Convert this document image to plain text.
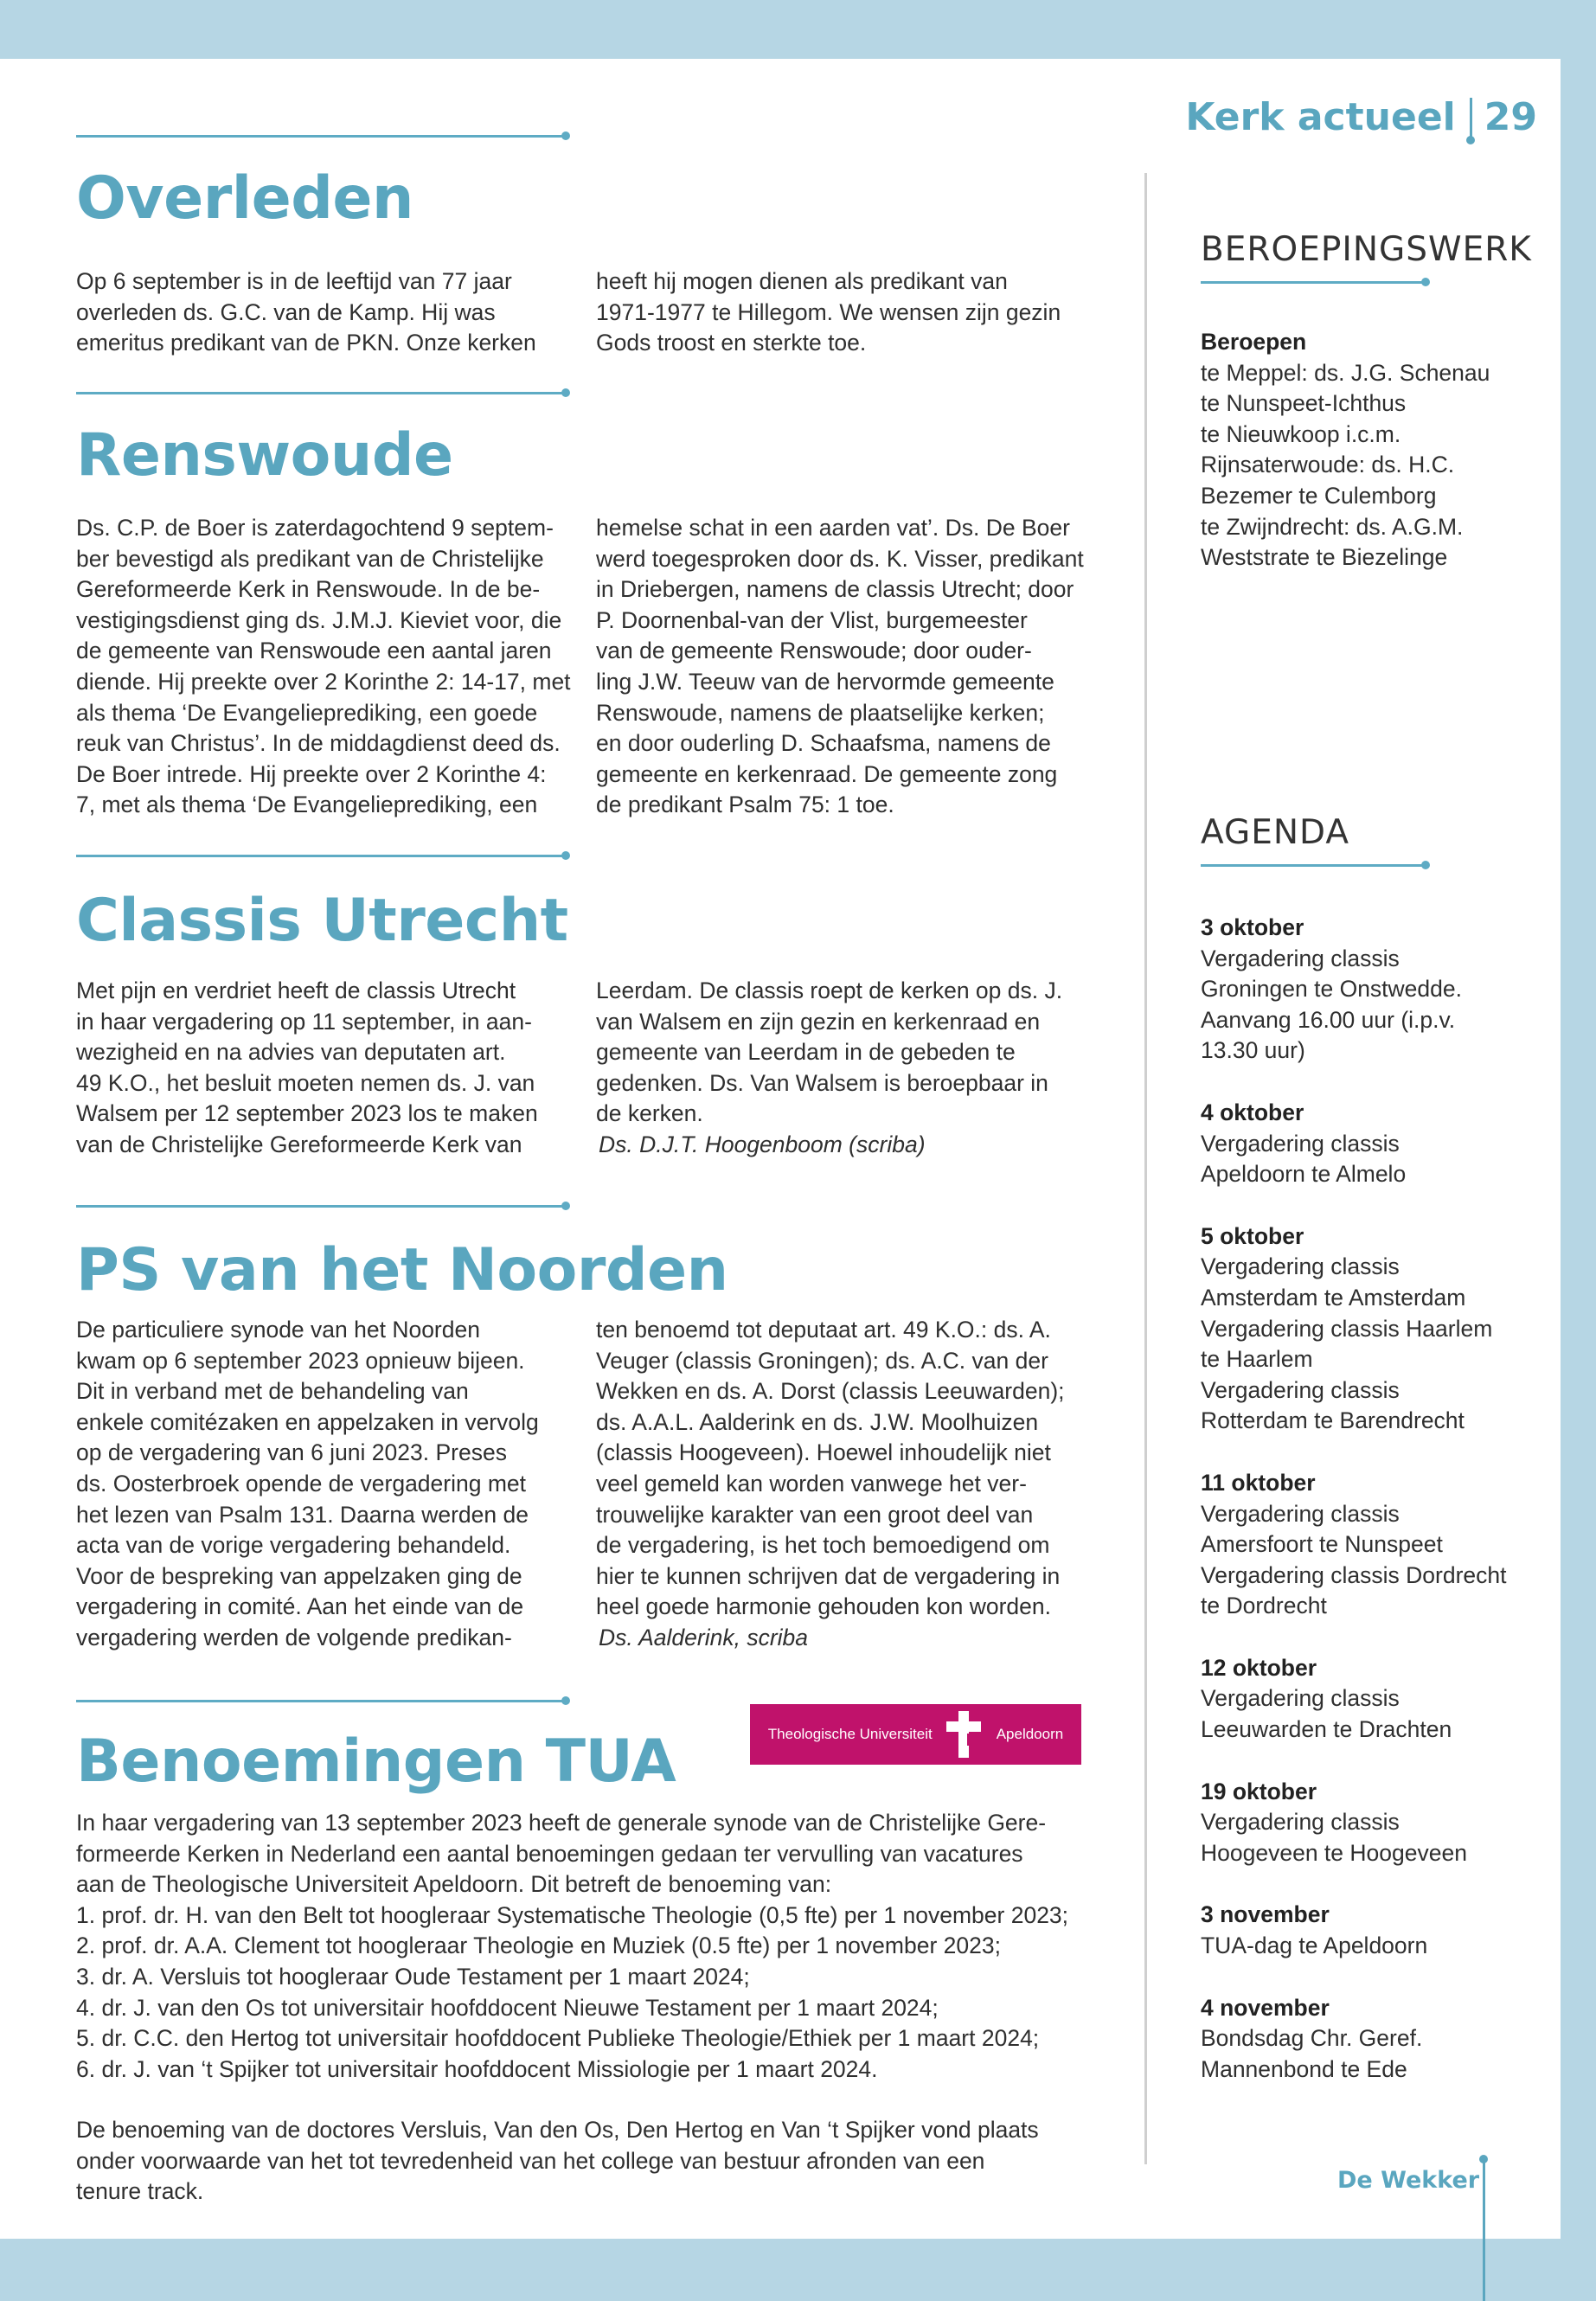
Kerk actueel 29
Overleden

Op 6 september is in de leeftijd van 77 jaar
overleden ds. G.C. van de Kamp. Hij was
emeritus predikant van de PKN. Onze kerken

heeft hij mogen dienen als predikant van
1971-1977 te Hillegom. We wensen zijn gezin
Gods troost en sterkte toe.

Renswoude

Ds. C.P. de Boer is zaterdagochtend 9 septem-
ber bevestigd als predikant van de Christelijke
Gereformeerde Kerk in Renswoude. In de be-
vestigingsdienst ging ds. J.M.J. Kieviet voor, die
de gemeente van Renswoude een aantal jaren
diende. Hij preekte over 2 Korinthe 2: 14-17, met
als thema ‘De Evangelieprediking, een goede
reuk van Christus’. In de middagdienst deed ds.
De Boer intrede. Hij preekte over 2 Korinthe 4:
7, met als thema ‘De Evangelieprediking, een

hemelse schat in een aarden vat’. Ds. De Boer
werd toegesproken door ds. K. Visser, predikant
in Driebergen, namens de classis Utrecht; door
P. Doornenbal-van der Vlist, burgemeester
van de gemeente Renswoude; door ouder-
ling J.W. Teeuw van de hervormde gemeente
Renswoude, namens de plaatselijke kerken;
en door ouderling D. Schaafsma, namens de
gemeente en kerkenraad. De gemeente zong
de predikant Psalm 75: 1 toe.

Classis Utrecht

Met pijn en verdriet heeft de classis Utrecht
in haar vergadering op 11 september, in aan-
wezigheid en na advies van deputaten art.
49 K.O., het besluit moeten nemen ds. J. van
Walsem per 12 september 2023 los te maken
van de Christelijke Gereformeerde Kerk van

Leerdam. De classis roept de kerken op ds. J.
van Walsem en zijn gezin en kerkenraad en
gemeente van Leerdam in de gebeden te
gedenken. Ds. Van Walsem is beroepbaar in
de kerken.

Ds. D.J.T. Hoogenboom (scriba)

PS van het Noorden

De particuliere synode van het Noorden
kwam op 6 september 2023 opnieuw bijeen.
Dit in verband met de behandeling van
enkele comitézaken en appelzaken in vervolg
op de vergadering van 6 juni 2023. Preses
ds. Oosterbroek opende de vergadering met
het lezen van Psalm 131. Daarna werden de
acta van de vorige vergadering behandeld.
Voor de bespreking van appelzaken ging de
vergadering in comité. Aan het einde van de
vergadering werden de volgende predikan-

ten benoemd tot deputaat art. 49 K.O.: ds. A.
Veuger (classis Groningen); ds. A.C. van der
Wekken en ds. A. Dorst (classis Leeuwarden);
ds. A.A.L. Aalderink en ds. J.W. Moolhuizen
(classis Hoogeveen). Hoewel inhoudelijk niet
veel gemeld kan worden vanwege het ver-
trouwelijke karakter van een groot deel van
de vergadering, is het toch bemoedigend om
hier te kunnen schrijven dat de vergadering in
heel goede harmonie gehouden kon worden.

Ds. Aalderink, scriba

Benoemingen TUA	Theologische Universiteit	Apeldoorn

In haar vergadering van 13 september 2023 heeft de generale synode van de Christelijke Gere-
formeerde Kerken in Nederland een aantal benoemingen gedaan ter vervulling van vacatures
aan de Theologische Universiteit Apeldoorn. Dit betreft de benoeming van:
1. prof. dr. H. van den Belt tot hoogleraar Systematische Theologie (0,5 fte) per 1 november 2023;
2. prof. dr. A.A. Clement tot hoogleraar Theologie en Muziek (0.5 fte) per 1 november 2023;
3. dr. A. Versluis tot hoogleraar Oude Testament per 1 maart 2024;
4. dr. J. van den Os tot universitair hoofddocent Nieuwe Testament per 1 maart 2024;
5. dr. C.C. den Hertog tot universitair hoofddocent Publieke Theologie/Ethiek per 1 maart 2024;
6. dr. J. van ‘t Spijker tot universitair hoofddocent Missiologie per 1 maart 2024.

De benoeming van de doctores Versluis, Van den Os, Den Hertog en Van ‘t Spijker vond plaats
onder voorwaarde van het tot tevredenheid van het college van bestuur afronden van een
tenure track.

BEROEPINGSWERK
Beroepen
te Meppel: ds. J.G. Schenau
te Nunspeet-Ichthus
te Nieuwkoop i.c.m.
Rijnsaterwoude: ds. H.C.
Bezemer te Culemborg
te Zwijndrecht: ds. A.G.M.
Weststrate te Biezelinge
AGENDA
3 oktober
Vergadering classis
Groningen te Onstwedde.
Aanvang 16.00 uur (i.p.v.
13.30 uur)
4 oktober
Vergadering classis
Apeldoorn te Almelo
5 oktober
Vergadering classis
Amsterdam te Amsterdam
Vergadering classis Haarlem
te Haarlem
Vergadering classis
Rotterdam te Barendrecht
11 oktober
Vergadering classis
Amersfoort te Nunspeet
Vergadering classis Dordrecht
te Dordrecht
12 oktober
Vergadering classis
Leeuwarden te Drachten
19 oktober
Vergadering classis
Hoogeveen te Hoogeveen
3 november
TUA-dag te Apeldoorn
4 november
Bondsdag Chr. Geref.
Mannenbond te Ede
De Wekker
